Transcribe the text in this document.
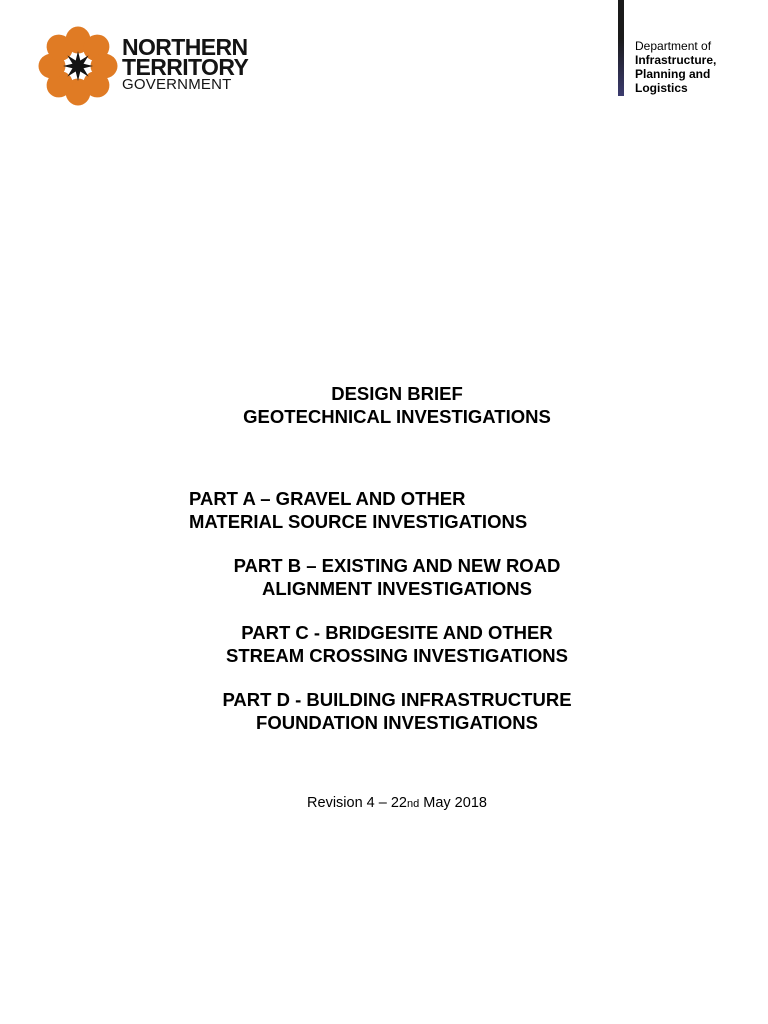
NORTHERN
TERRITORY
GOVERNMENT
Department of
Infrastructure,
Planning and
Logistics
DESIGN BRIEF
GEOTECHNICAL INVESTIGATIONS
PART A – GRAVEL AND OTHER
MATERIAL SOURCE INVESTIGATIONS
PART B – EXISTING AND NEW ROAD
ALIGNMENT INVESTIGATIONS
PART C - BRIDGESITE AND OTHER
STREAM CROSSING INVESTIGATIONS
PART D - BUILDING INFRASTRUCTURE
FOUNDATION INVESTIGATIONS
Revision 4 – 22nd May 2018
